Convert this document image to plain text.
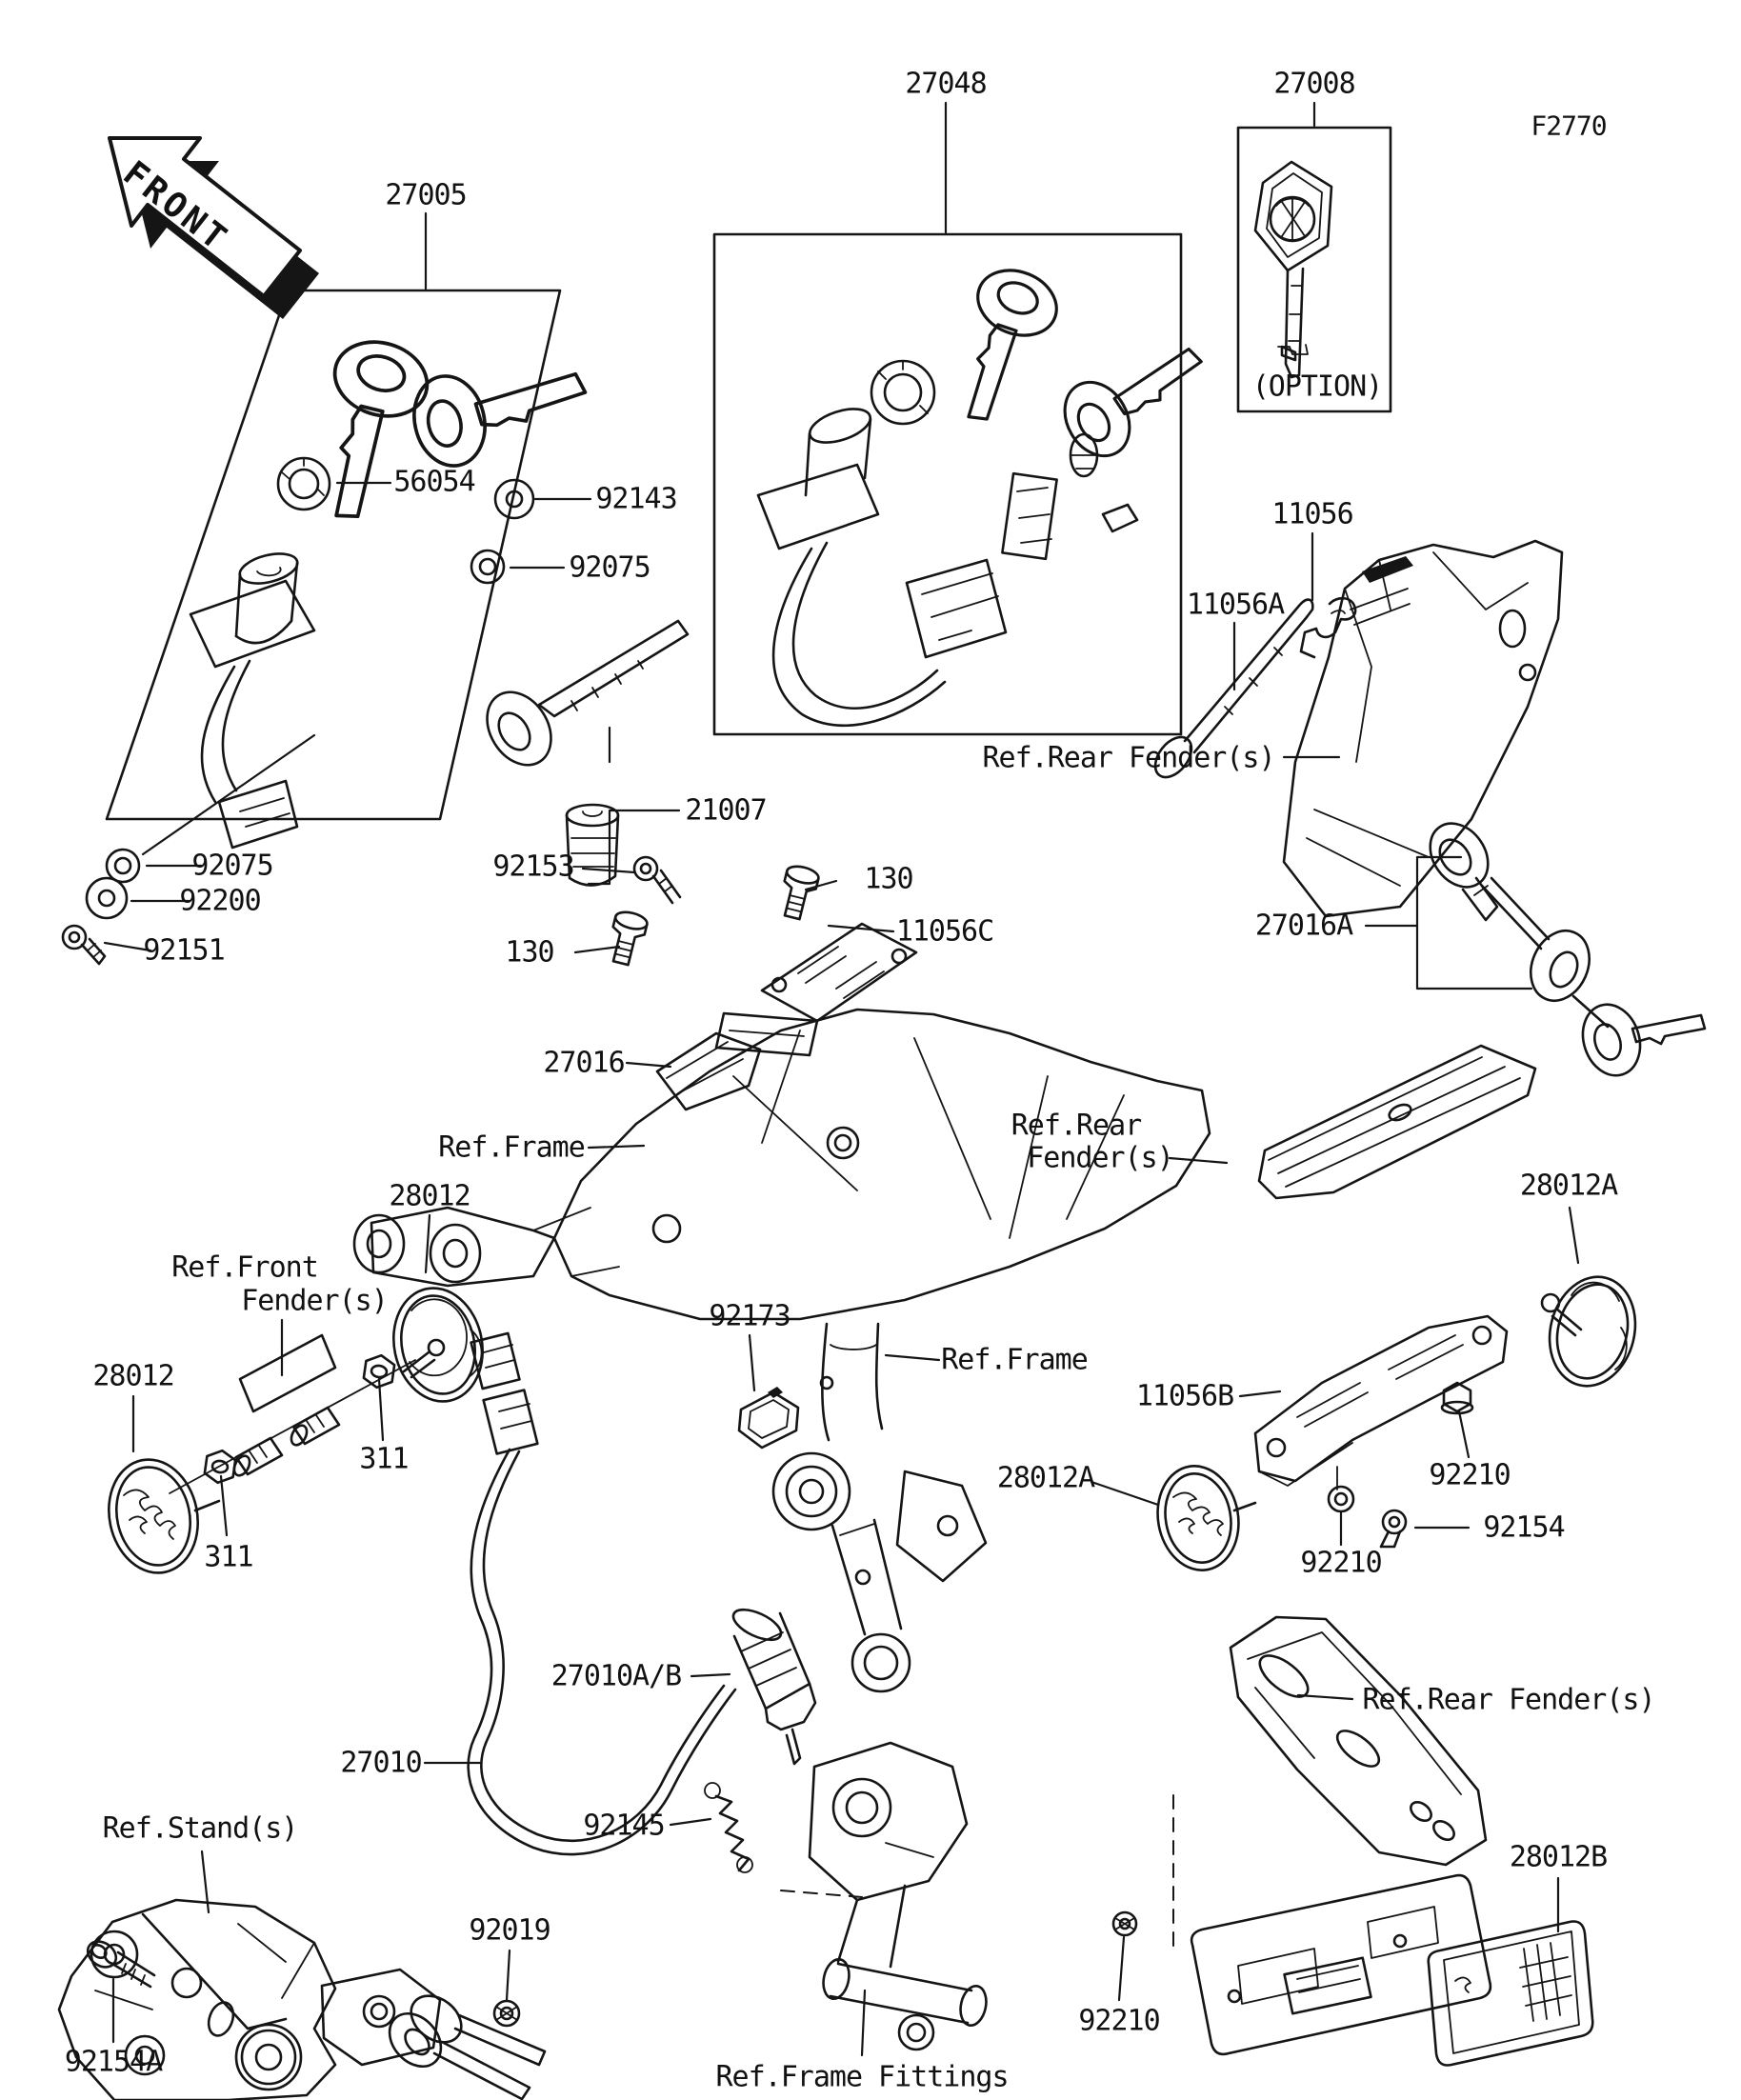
FRONT	27005
56054
92143
92075
21007
27048	27008
F2770
(OPTION)
11056
11056A
Ref.Rear Fender(s)
92153	130
11056C
130
92075
92200
92151
27016
27016A
Ref.Frame
Ref.Rear
Fender(s)
28012
Ref.Front
Fender(s)
28012
311
311
92173
Ref.Frame
28012A
28012A
11056B
92210
92154
92210
Ref.Rear Fender(s)
28012B
92210
27010A/B
27010
92145
Ref.Stand(s)
92019
92154A	Ref.Frame Fittings
